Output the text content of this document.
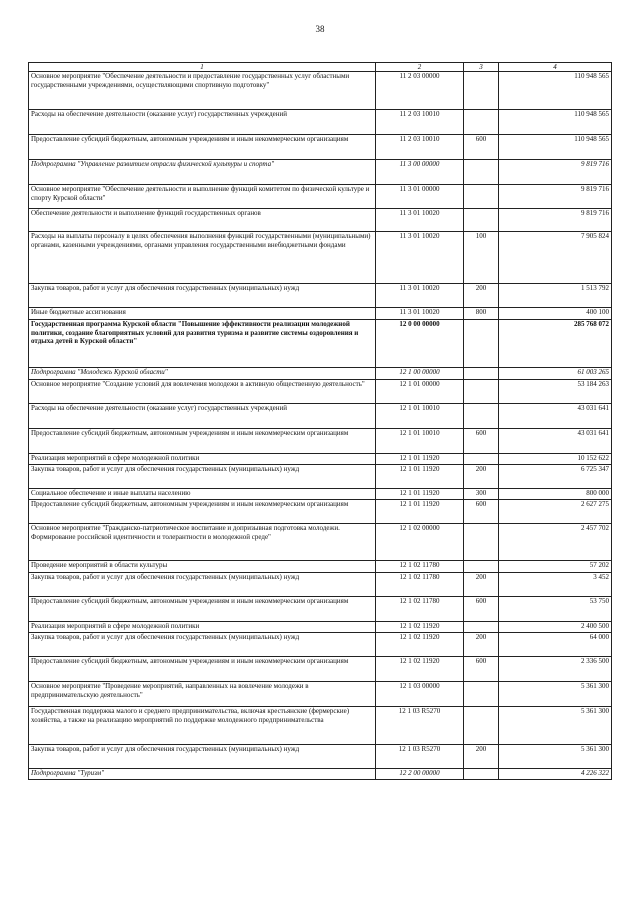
38
1	2	3	4
Основное мероприятие "Обеспечение деятельности и предоставление государственных услуг областными государственными учреждениями, осуществляющими спортивную подготовку"	11 2 03 00000		110 948 565
Расходы на обеспечение деятельности (оказание услуг) государственных учреждений	11 2 03 10010		110 948 565
Предоставление субсидий бюджетным, автономным учреждениям и иным некоммерческим организациям	11 2 03 10010	600	110 948 565
Подпрограмма "Управление развитием отрасли физической культуры и спорта"	11 3 00 00000		9 819 716
Основное мероприятие "Обеспечение деятельности и выполнение функций комитетом по физической культуре и спорту Курской области"	11 3 01 00000		9 819 716
Обеспечение деятельности и выполнение функций государственных органов	11 3 01 10020		9 819 716
Расходы на выплаты персоналу в целях обеспечения выполнения функций государственными (муниципальными) органами, казенными учреждениями, органами управления государственными внебюджетными фондами	11 3 01 10020	100	7 905 824
Закупка товаров, работ и услуг для обеспечения государственных (муниципальных) нужд	11 3 01 10020	200	1 513 792
Иные бюджетные ассигнования	11 3 01 10020	800	400 100
Государственная программа Курской области "Повышение эффективности реализации молодежной политики, создание благоприятных условий для развития туризма и развитие системы оздоровления и отдыха детей в Курской области"	12 0 00 00000		285 768 072
Подпрограмма "Молодежь Курской области"	12 1 00 00000		61 003 265
Основное мероприятие "Создание условий для вовлечения молодежи в активную общественную деятельность"	12 1 01 00000		53 184 263
Расходы на обеспечение деятельности (оказание услуг) государственных учреждений	12 1 01 10010		43 031 641
Предоставление субсидий бюджетным, автономным учреждениям и иным некоммерческим организациям	12 1 01 10010	600	43 031 641
Реализация мероприятий в сфере молодежной политики	12 1 01 11920		10 152 622
Закупка товаров, работ и услуг для обеспечения государственных (муниципальных) нужд	12 1 01 11920	200	6 725 347
Социальное обеспечение и иные выплаты населению	12 1 01 11920	300	800 000
Предоставление субсидий бюджетным, автономным учреждениям и иным некоммерческим организациям	12 1 01 11920	600	2 627 275
Основное мероприятие "Гражданско-патриотическое воспитание и допризывная подготовка молодежи. Формирование российской идентичности и толерантности в молодежной среде"	12 1 02 00000		2 457 702
Проведение мероприятий в области культуры	12 1 02 11780		57 202
Закупка товаров, работ и услуг для обеспечения государственных (муниципальных) нужд	12 1 02 11780	200	3 452
Предоставление субсидий бюджетным, автономным учреждениям и иным некоммерческим организациям	12 1 02 11780	600	53 750
Реализация мероприятий в сфере молодежной политики	12 1 02 11920		2 400 500
Закупка товаров, работ и услуг для обеспечения государственных (муниципальных) нужд	12 1 02 11920	200	64 000
Предоставление субсидий бюджетным, автономным учреждениям и иным некоммерческим организациям	12 1 02 11920	600	2 336 500
Основное мероприятие "Проведение мероприятий, направленных на вовлечение молодежи в предпринимательскую деятельность"	12 1 03 00000		5 361 300
Государственная поддержка малого и среднего предпринимательства, включая крестьянские (фермерские) хозяйства, а также на реализацию мероприятий по поддержке молодежного предпринимательства	12 1 03 R5270		5 361 300
Закупка товаров, работ и услуг для обеспечения государственных (муниципальных) нужд	12 1 03 R5270	200	5 361 300
Подпрограмма "Туризм"	12 2 00 00000		4 226 322
